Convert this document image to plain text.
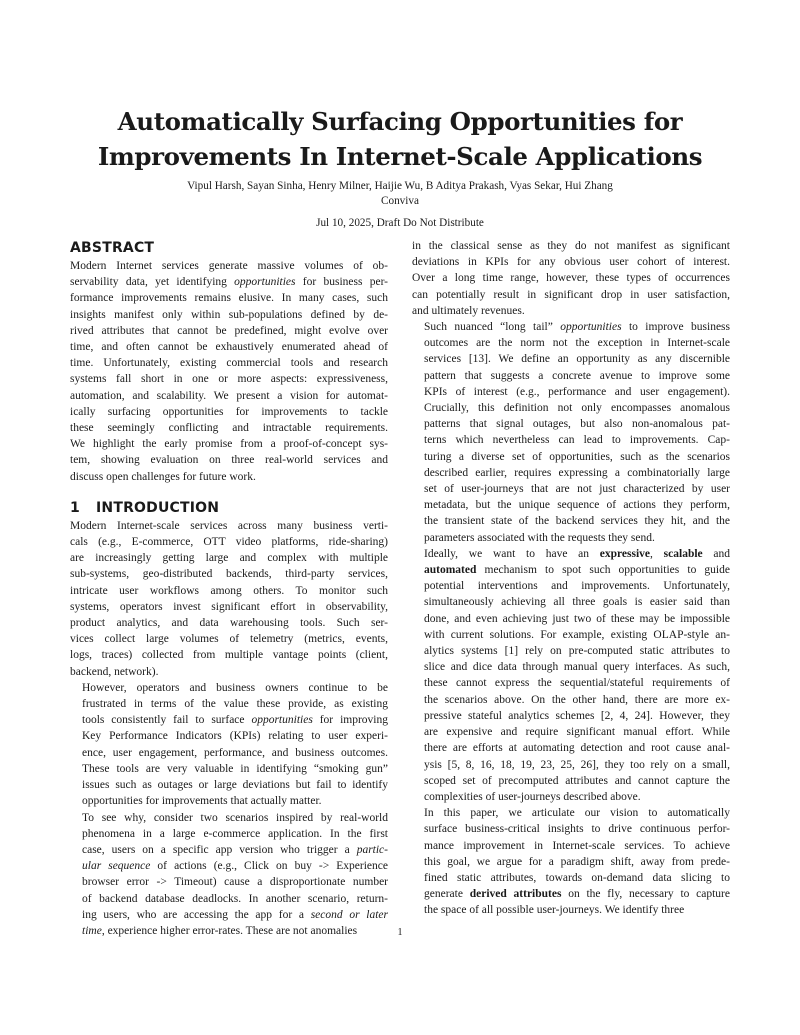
Automatically Surfacing Opportunities for
Improvements In Internet-Scale Applications
Vipul Harsh, Sayan Sinha, Henry Milner, Haijie Wu, B Aditya Prakash, Vyas Sekar, Hui Zhang
Conviva
Jul 10, 2025, Draft Do Not Distribute
ABSTRACT

Modern Internet services generate massive volumes of ob-
servability data, yet identifying opportunities for business per-
formance improvements remains elusive. In many cases, such
insights manifest only within sub-populations defined by de-
rived attributes that cannot be predefined, might evolve over
time, and often cannot be exhaustively enumerated ahead of
time. Unfortunately, existing commercial tools and research
systems fall short in one or more aspects: expressiveness,
automation, and scalability. We present a vision for automat-
ically surfacing opportunities for improvements to tackle
these seemingly conflicting and intractable requirements.
We highlight the early promise from a proof-of-concept sys-
tem, showing evaluation on three real-world services and
discuss open challenges for future work.

1 INTRODUCTION

Modern Internet-scale services across many business verti-
cals (e.g., E-commerce, OTT video platforms, ride-sharing)
are increasingly getting large and complex with multiple
sub-systems, geo-distributed backends, third-party services,
intricate user workflows among others. To monitor such
systems, operators invest significant effort in observability,
product analytics, and data warehousing tools. Such ser-
vices collect large volumes of telemetry (metrics, events,
logs, traces) collected from multiple vantage points (client,
backend, network).

However, operators and business owners continue to be
frustrated in terms of the value these provide, as existing
tools consistently fail to surface opportunities for improving
Key Performance Indicators (KPIs) relating to user experi-
ence, user engagement, performance, and business outcomes.
These tools are very valuable in identifying “smoking gun”
issues such as outages or large deviations but fail to identify
opportunities for improvements that actually matter.

To see why, consider two scenarios inspired by real-world
phenomena in a large e-commerce application. In the first
case, users on a specific app version who trigger a partic-
ular sequence of actions (e.g., Click on buy -> Experience
browser error -> Timeout) cause a disproportionate number
of backend database deadlocks. In another scenario, return-
ing users, who are accessing the app for a second or later
time, experience higher error-rates. These are not anomalies

in the classical sense as they do not manifest as significant
deviations in KPIs for any obvious user cohort of interest.
Over a long time range, however, these types of occurrences
can potentially result in significant drop in user satisfaction,
and ultimately revenues.

Such nuanced “long tail” opportunities to improve business
outcomes are the norm not the exception in Internet-scale
services [13]. We define an opportunity as any discernible
pattern that suggests a concrete avenue to improve some
KPIs of interest (e.g., performance and user engagement).
Crucially, this definition not only encompasses anomalous
patterns that signal outages, but also non-anomalous pat-
terns which nevertheless can lead to improvements. Cap-
turing a diverse set of opportunities, such as the scenarios
described earlier, requires expressing a combinatorially large
set of user-journeys that are not just characterized by user
metadata, but the unique sequence of actions they perform,
the transient state of the backend services they hit, and the
parameters associated with the requests they send.

Ideally, we want to have an expressive, scalable and
automated mechanism to spot such opportunities to guide
potential interventions and improvements. Unfortunately,
simultaneously achieving all three goals is easier said than
done, and even achieving just two of these may be impossible
with current solutions. For example, existing OLAP-style an-
alytics systems [1] rely on pre-computed static attributes to
slice and dice data through manual query interfaces. As such,
these cannot express the sequential/stateful requirements of
the scenarios above. On the other hand, there are more ex-
pressive stateful analytics schemes [2, 4, 24]. However, they
are expensive and require significant manual effort. While
there are efforts at automating detection and root cause anal-
ysis [5, 8, 16, 18, 19, 23, 25, 26], they too rely on a small,
scoped set of precomputed attributes and cannot capture the
complexities of user-journeys described above.

In this paper, we articulate our vision to automatically
surface business-critical insights to drive continuous perfor-
mance improvement in Internet-scale services. To achieve
this goal, we argue for a paradigm shift, away from prede-
fined static attributes, towards on-demand data slicing to
generate derived attributes on the fly, necessary to capture
the space of all possible user-journeys. We identify three

1
